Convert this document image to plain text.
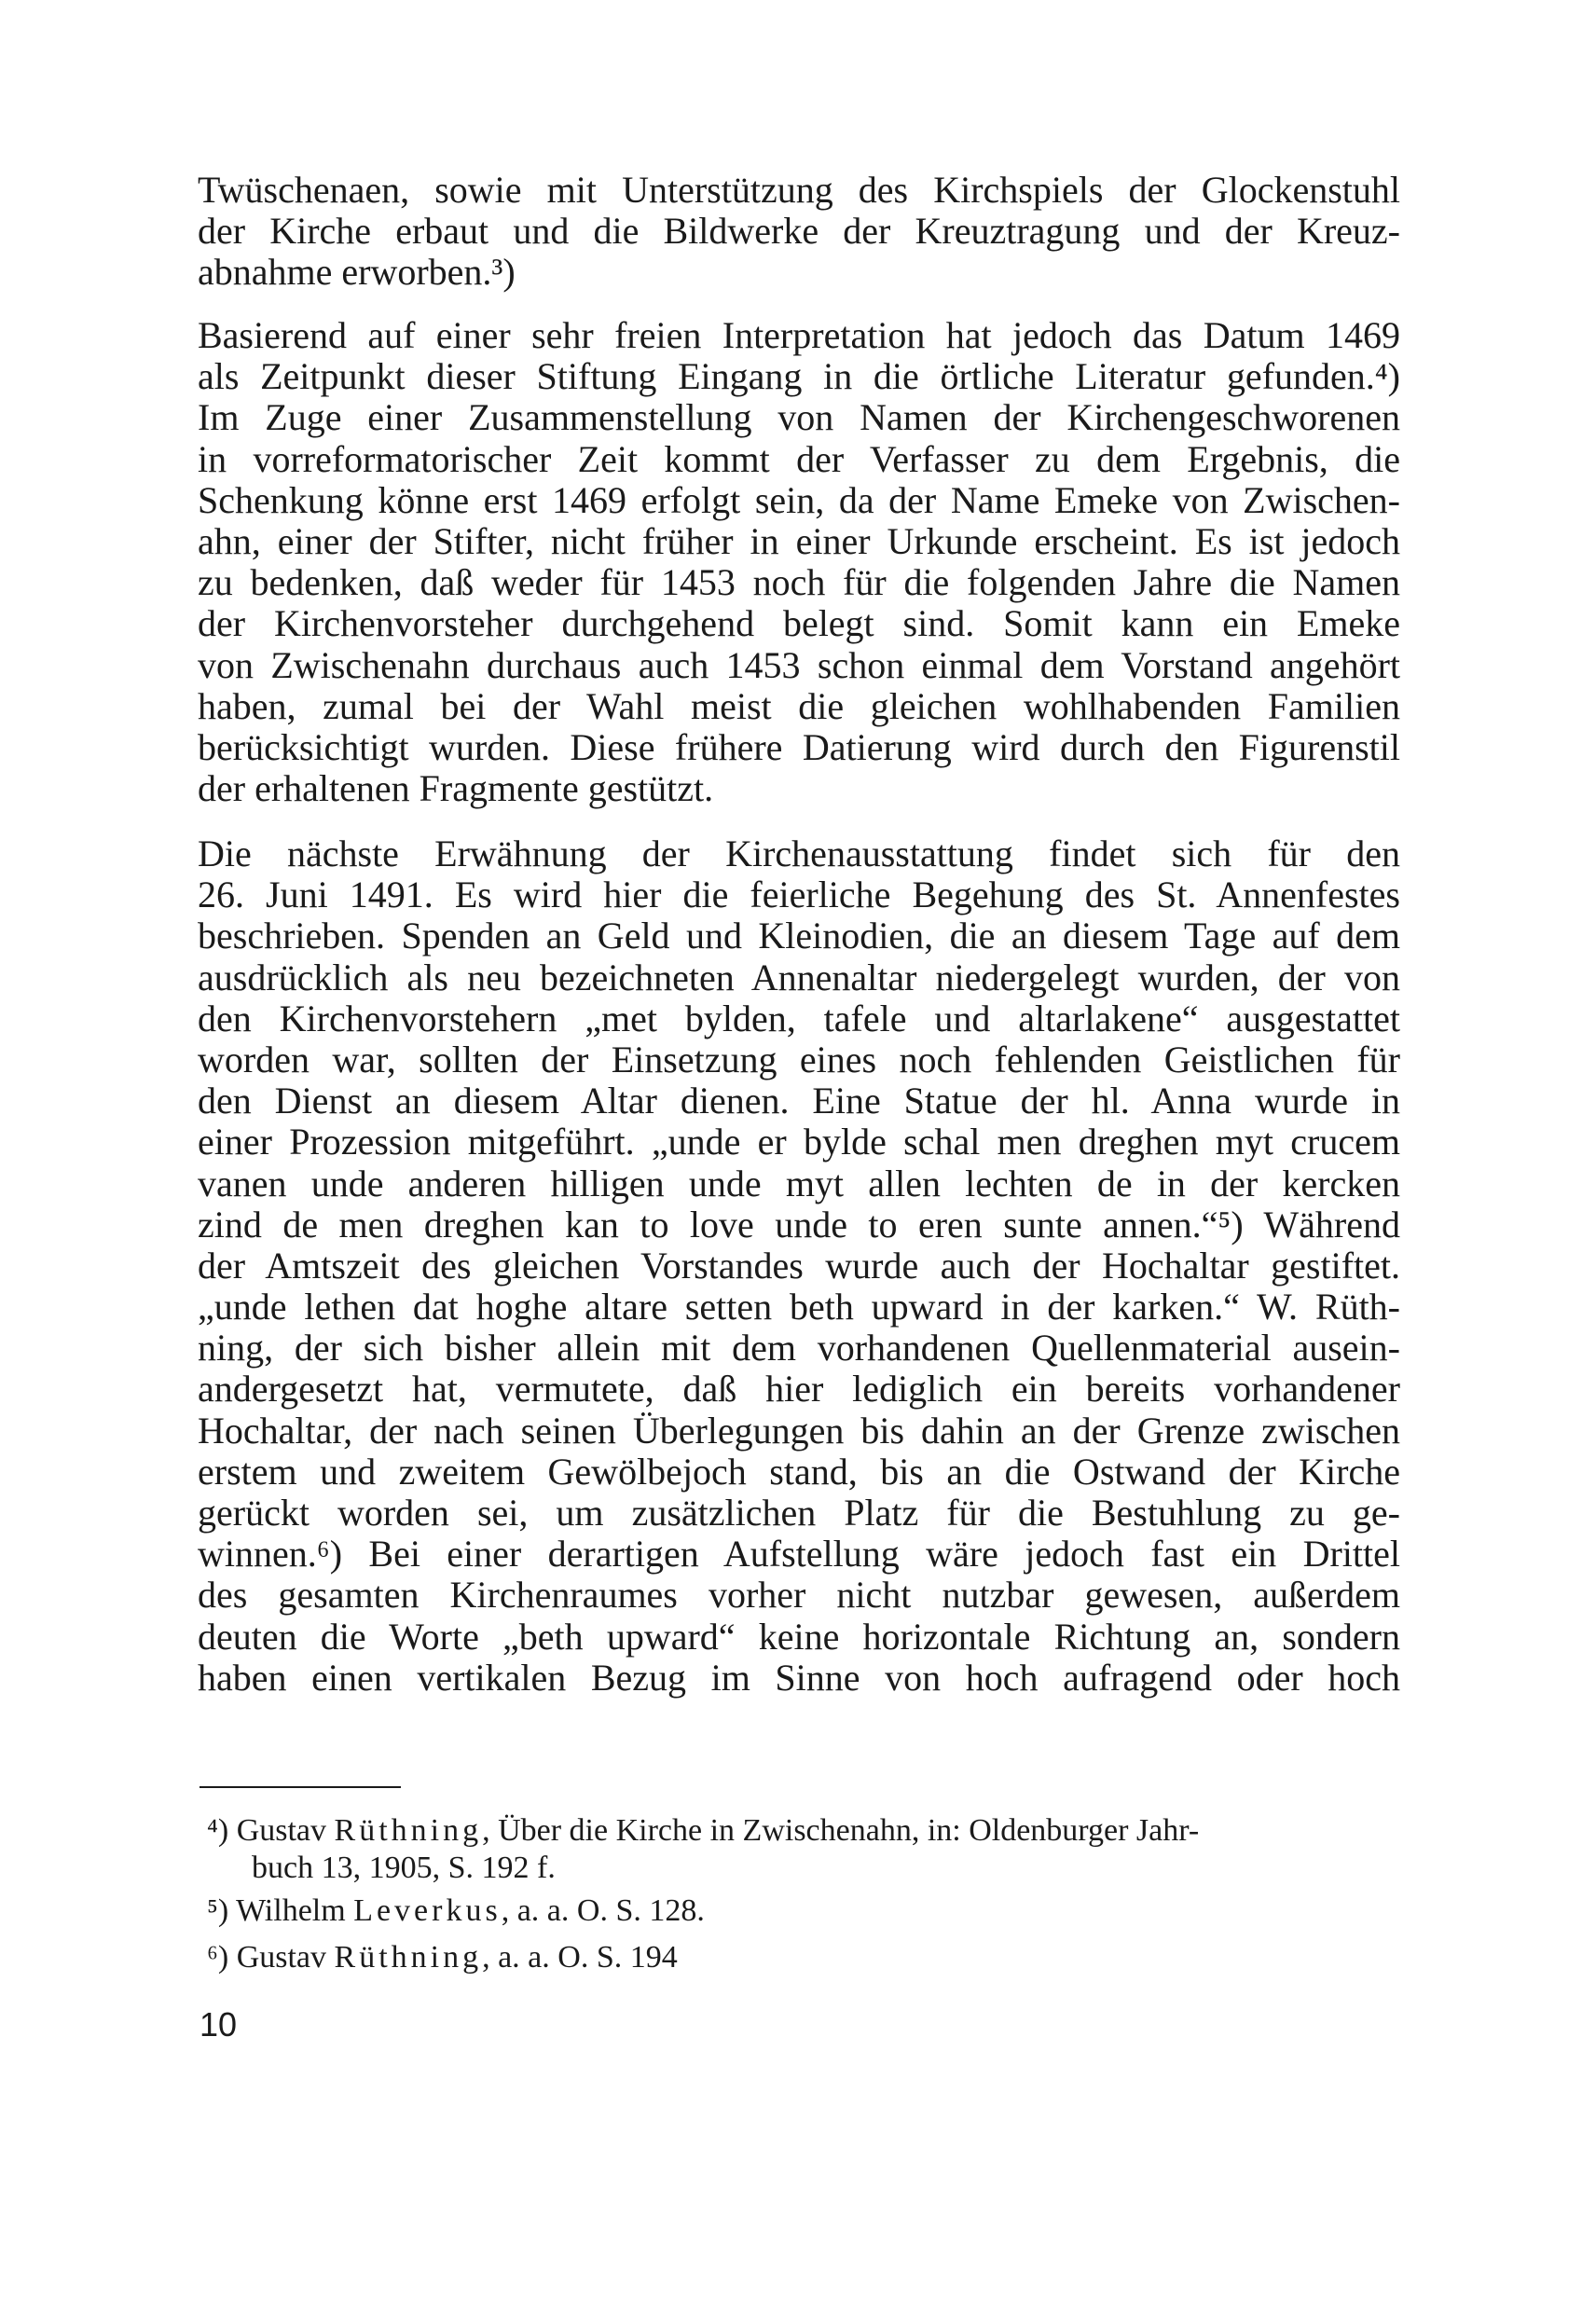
Twüschenaen, sowie mit Unterstützung des Kirchspiels der Glockenstuhl
der Kirche erbaut und die Bildwerke der Kreuztragung und der Kreuz-
abnahme erworben.³)
Basierend auf einer sehr freien Interpretation hat jedoch das Datum 1469
als Zeitpunkt dieser Stiftung Eingang in die örtliche Literatur gefunden.⁴)
Im Zuge einer Zusammenstellung von Namen der Kirchengeschworenen
in vorreformatorischer Zeit kommt der Verfasser zu dem Ergebnis, die
Schenkung könne erst 1469 erfolgt sein, da der Name Emeke von Zwischen-
ahn, einer der Stifter, nicht früher in einer Urkunde erscheint. Es ist jedoch
zu bedenken, daß weder für 1453 noch für die folgenden Jahre die Namen
der Kirchenvorsteher durchgehend belegt sind. Somit kann ein Emeke
von Zwischenahn durchaus auch 1453 schon einmal dem Vorstand angehört
haben, zumal bei der Wahl meist die gleichen wohlhabenden Familien
berücksichtigt wurden. Diese frühere Datierung wird durch den Figurenstil
der erhaltenen Fragmente gestützt.
Die nächste Erwähnung der Kirchenausstattung findet sich für den
26. Juni 1491. Es wird hier die feierliche Begehung des St. Annenfestes
beschrieben. Spenden an Geld und Kleinodien, die an diesem Tage auf dem
ausdrücklich als neu bezeichneten Annenaltar niedergelegt wurden, der von
den Kirchenvorstehern „met bylden, tafele und altarlakene“ ausgestattet
worden war, sollten der Einsetzung eines noch fehlenden Geistlichen für
den Dienst an diesem Altar dienen. Eine Statue der hl. Anna wurde in
einer Prozession mitgeführt. „unde er bylde schal men dreghen myt crucem
vanen unde anderen hilligen unde myt allen lechten de in der kercken
zind de men dreghen kan to love unde to eren sunte annen.“⁵) Während
der Amtszeit des gleichen Vorstandes wurde auch der Hochaltar gestiftet.
„unde lethen dat hoghe altare setten beth upward in der karken.“ W. Rüth-
ning, der sich bisher allein mit dem vorhandenen Quellenmaterial ausein-
andergesetzt hat, vermutete, daß hier lediglich ein bereits vorhandener
Hochaltar, der nach seinen Überlegungen bis dahin an der Grenze zwischen
erstem und zweitem Gewölbejoch stand, bis an die Ostwand der Kirche
gerückt worden sei, um zusätzlichen Platz für die Bestuhlung zu ge-
winnen.⁶) Bei einer derartigen Aufstellung wäre jedoch fast ein Drittel
des gesamten Kirchenraumes vorher nicht nutzbar gewesen, außerdem
deuten die Worte „beth upward“ keine horizontale Richtung an, sondern
haben einen vertikalen Bezug im Sinne von hoch aufragend oder hoch
⁴) Gustav Rüthning, Über die Kirche in Zwischenahn, in: Oldenburger Jahr-
buch 13, 1905, S. 192 f.
⁵) Wilhelm Leverkus, a. a. O. S. 128.
⁶) Gustav Rüthning, a. a. O. S. 194
10
